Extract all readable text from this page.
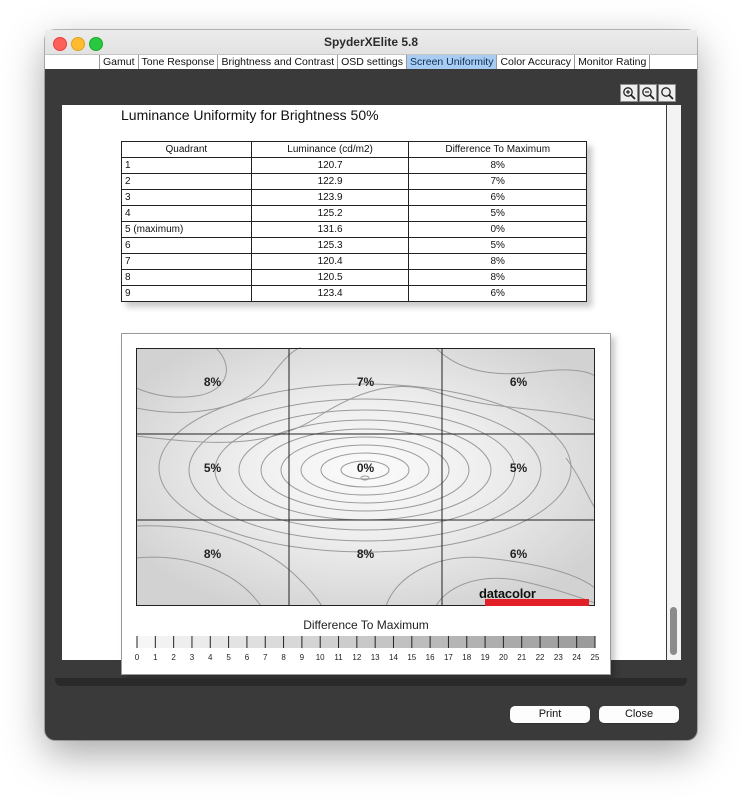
SpyderXElite 5.8
Gamut Tone Response Brightness and Contrast OSD settings Screen Uniformity Color Accuracy Monitor Rating
Luminance Uniformity for Brightness 50%
Quadrant	Luminance (cd/m2)	Difference To Maximum
1	120.7	8%
2	122.9	7%
3	123.9	6%
4	125.2	5%
5 (maximum)	131.6	0%
6	125.3	5%
7	120.4	8%
8	120.5	8%
9	123.4	6%
8%	7%	6%
5%	0%	5%
8%	8%	6%
datacolor
Difference To Maximum
0 1 2 3 4 5 6 7 8 9 10 11 12 13 14 15 16 17 18 19 20 21 22 23 24 25
Print	Close
